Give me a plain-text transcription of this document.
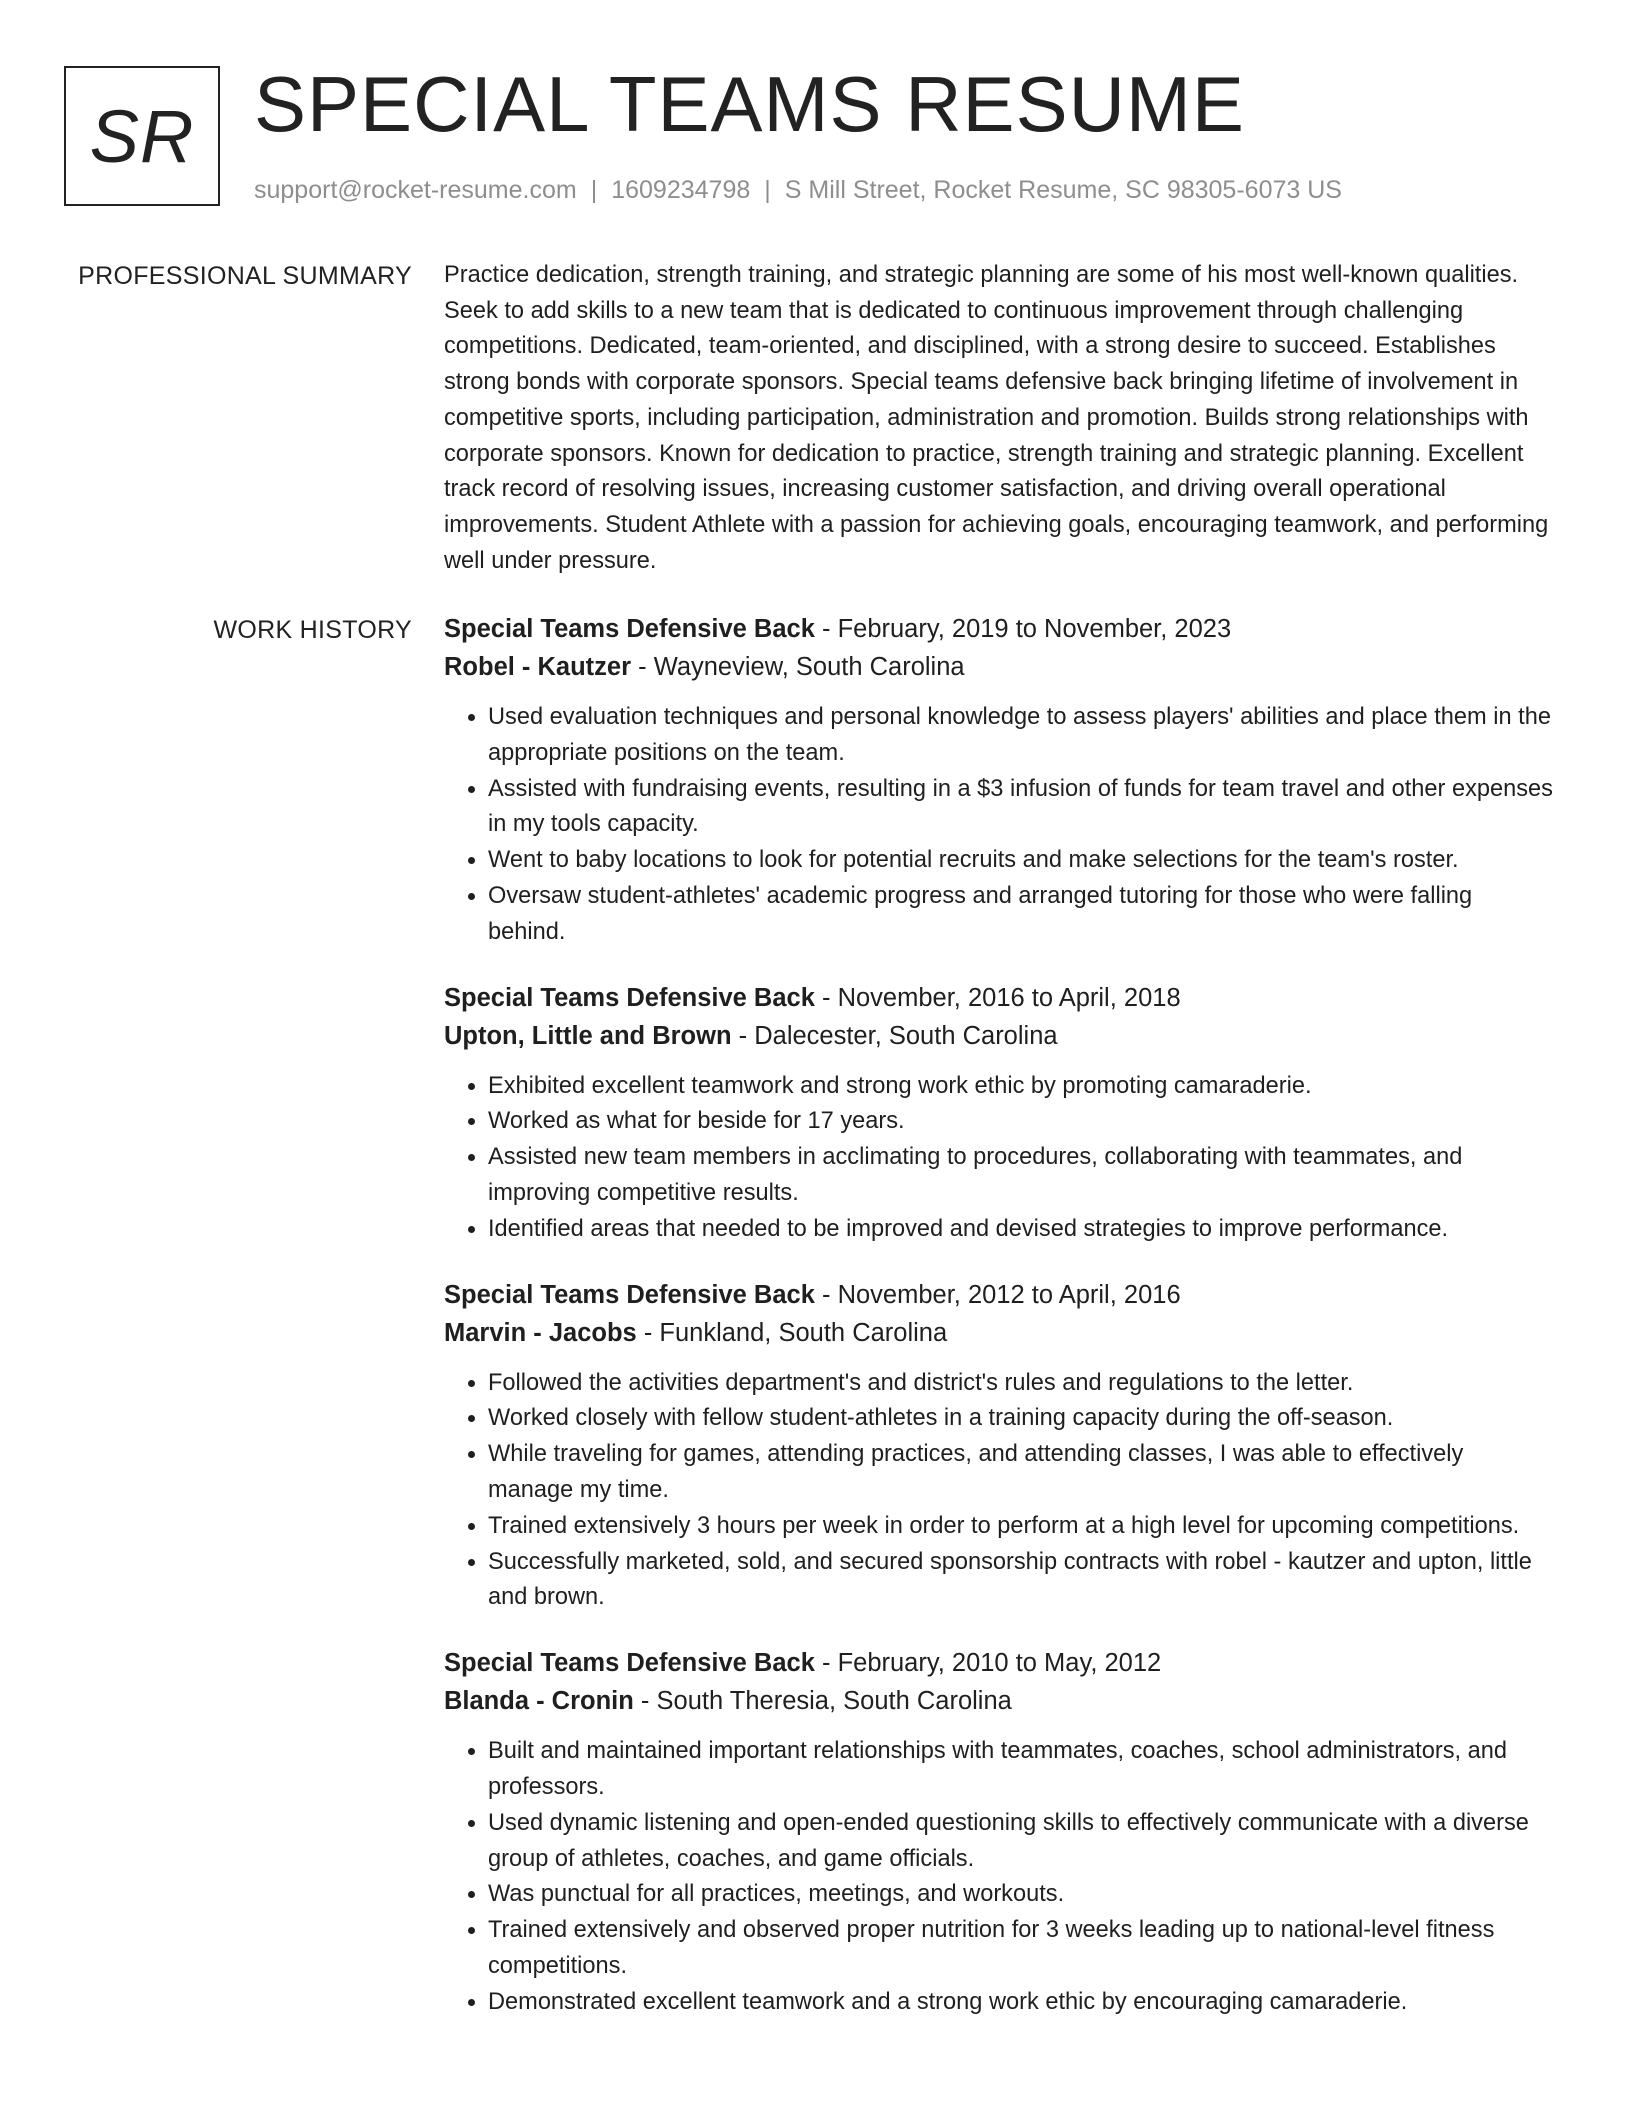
SR SPECIAL TEAMS RESUME
support@rocket-resume.com | 1609234798 | S Mill Street, Rocket Resume, SC 98305-6073 US
PROFESSIONAL SUMMARY Practice dedication, strength training, and strategic planning are some of his most well-known qualities. Seek to add skills to a new team that is dedicated to continuous improvement through challenging competitions. Dedicated, team-oriented, and disciplined, with a strong desire to succeed. Establishes strong bonds with corporate sponsors. Special teams defensive back bringing lifetime of involvement in competitive sports, including participation, administration and promotion. Builds strong relationships with corporate sponsors. Known for dedication to practice, strength training and strategic planning. Excellent track record of resolving issues, increasing customer satisfaction, and driving overall operational improvements. Student Athlete with a passion for achieving goals, encouraging teamwork, and performing well under pressure.
WORK HISTORY Special Teams Defensive Back - February, 2019 to November, 2023
Robel - Kautzer - Wayneview, South Carolina
• Used evaluation techniques and personal knowledge to assess players' abilities and place them in the appropriate positions on the team.
• Assisted with fundraising events, resulting in a $3 infusion of funds for team travel and other expenses in my tools capacity.
• Went to baby locations to look for potential recruits and make selections for the team's roster.
• Oversaw student-athletes' academic progress and arranged tutoring for those who were falling behind.
Special Teams Defensive Back - November, 2016 to April, 2018
Upton, Little and Brown - Dalecester, South Carolina
• Exhibited excellent teamwork and strong work ethic by promoting camaraderie.
• Worked as what for beside for 17 years.
• Assisted new team members in acclimating to procedures, collaborating with teammates, and improving competitive results.
• Identified areas that needed to be improved and devised strategies to improve performance.
Special Teams Defensive Back - November, 2012 to April, 2016
Marvin - Jacobs - Funkland, South Carolina
• Followed the activities department's and district's rules and regulations to the letter.
• Worked closely with fellow student-athletes in a training capacity during the off-season.
• While traveling for games, attending practices, and attending classes, I was able to effectively manage my time.
• Trained extensively 3 hours per week in order to perform at a high level for upcoming competitions.
• Successfully marketed, sold, and secured sponsorship contracts with robel - kautzer and upton, little and brown.
Special Teams Defensive Back - February, 2010 to May, 2012
Blanda - Cronin - South Theresia, South Carolina
• Built and maintained important relationships with teammates, coaches, school administrators, and professors.
• Used dynamic listening and open-ended questioning skills to effectively communicate with a diverse group of athletes, coaches, and game officials.
• Was punctual for all practices, meetings, and workouts.
• Trained extensively and observed proper nutrition for 3 weeks leading up to national-level fitness competitions.
• Demonstrated excellent teamwork and a strong work ethic by encouraging camaraderie.
